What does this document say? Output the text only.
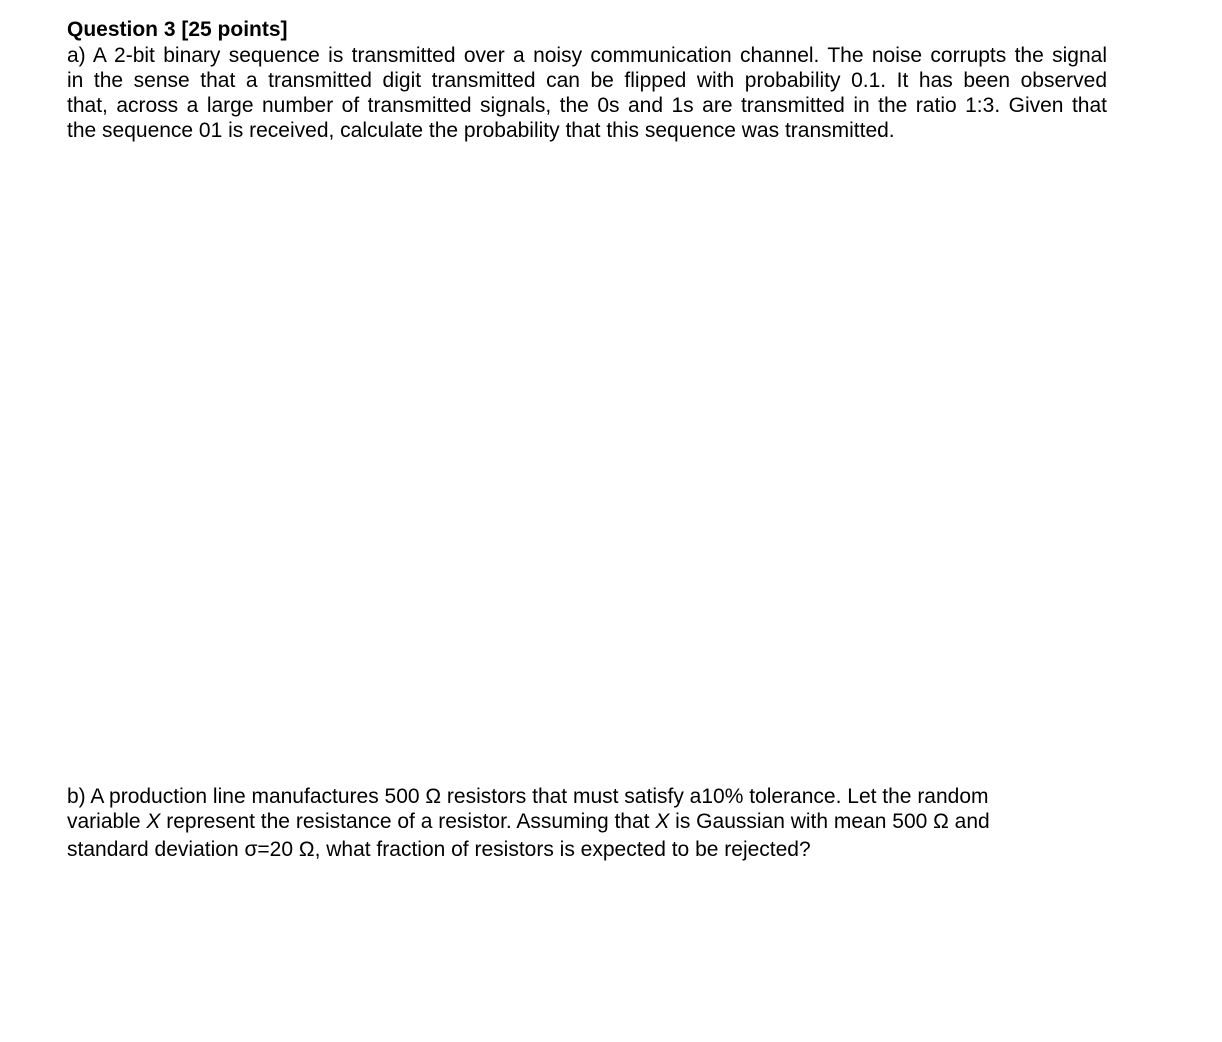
Question 3 [25 points]
a) A 2-bit binary sequence is transmitted over a noisy communication channel. The noise corrupts the signal
in the sense that a transmitted digit transmitted can be flipped with probability 0.1. It has been observed
that, across a large number of transmitted signals, the 0s and 1s are transmitted in the ratio 1:3. Given that
the sequence 01 is received, calculate the probability that this sequence was transmitted.
b) A production line manufactures 500 Ω resistors that must satisfy a10% tolerance. Let the random
variable X represent the resistance of a resistor. Assuming that X is Gaussian with mean 500 Ω and
standard deviation σ=20 Ω, what fraction of resistors is expected to be rejected?
